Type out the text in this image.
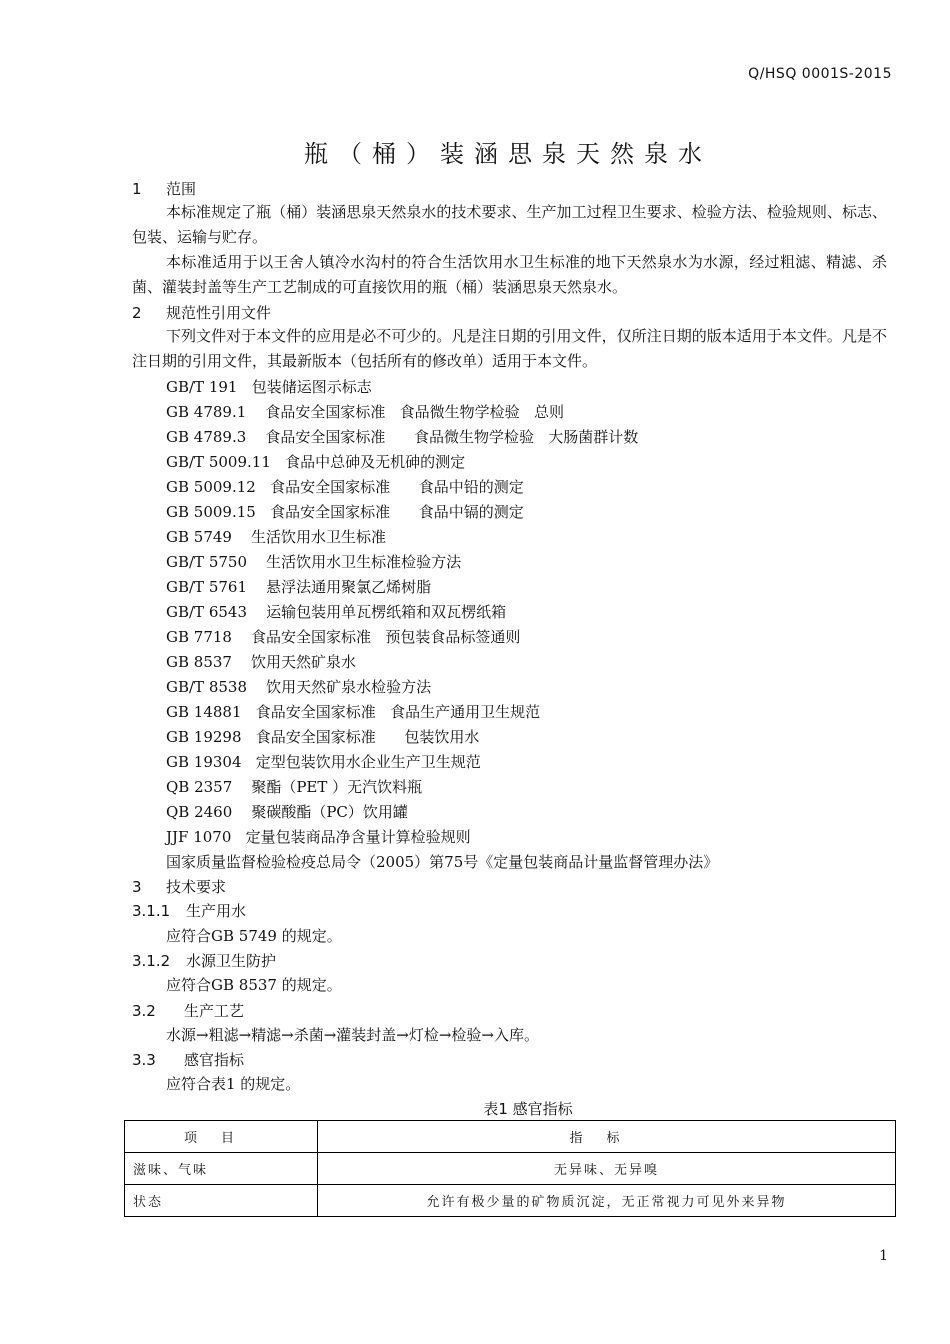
Q/HSQ 0001S-2015
瓶（桶）装涵思泉天然泉水
1 范围
本标准规定了瓶（桶）装涵思泉天然泉水的技术要求、生产加工过程卫生要求、检验方法、检验规则、标志、包装、运输与贮存。
本标准适用于以王舍人镇冷水沟村的符合生活饮用水卫生标准的地下天然泉水为水源，经过粗滤、精滤、杀菌、灌装封盖等生产工艺制成的可直接饮用的瓶（桶）装涵思泉天然泉水。
2 规范性引用文件
下列文件对于本文件的应用是必不可少的。凡是注日期的引用文件，仅所注日期的版本适用于本文件。凡是不注日期的引用文件，其最新版本（包括所有的修改单）适用于本文件。
GB/T 191   包装储运图示标志
GB 4789.1    食品安全国家标准   食品微生物学检验   总则
GB 4789.3    食品安全国家标准      食品微生物学检验   大肠菌群计数
GB/T 5009.11   食品中总砷及无机砷的测定
GB 5009.12   食品安全国家标准      食品中铅的测定
GB 5009.15   食品安全国家标准      食品中镉的测定
GB 5749    生活饮用水卫生标准
GB/T 5750    生活饮用水卫生标准检验方法
GB/T 5761    悬浮法通用聚氯乙烯树脂
GB/T 6543    运输包装用单瓦楞纸箱和双瓦楞纸箱
GB 7718    食品安全国家标准   预包装食品标签通则
GB 8537    饮用天然矿泉水
GB/T 8538    饮用天然矿泉水检验方法
GB 14881   食品安全国家标准   食品生产通用卫生规范
GB 19298   食品安全国家标准      包装饮用水
GB 19304   定型包装饮用水企业生产卫生规范
QB 2357    聚酯（PET ）无汽饮料瓶
QB 2460    聚碳酸酯（PC）饮用罐
JJF 1070   定量包装商品净含量计算检验规则
国家质量监督检验检疫总局令（2005）第75号《定量包装商品计量监督管理办法》
3 技术要求
3.1.1 生产用水
应符合GB 5749 的规定。
3.1.2 水源卫生防护
应符合GB 8537 的规定。
3.2 生产工艺
水源→粗滤→精滤→杀菌→灌装封盖→灯检→检验→入库。
3.3 感官指标
应符合表1 的规定。
表1 感官指标
项目	指标
滋味、气味	无异味、无异嗅
状态	允许有极少量的矿物质沉淀，无正常视力可见外来异物
1
